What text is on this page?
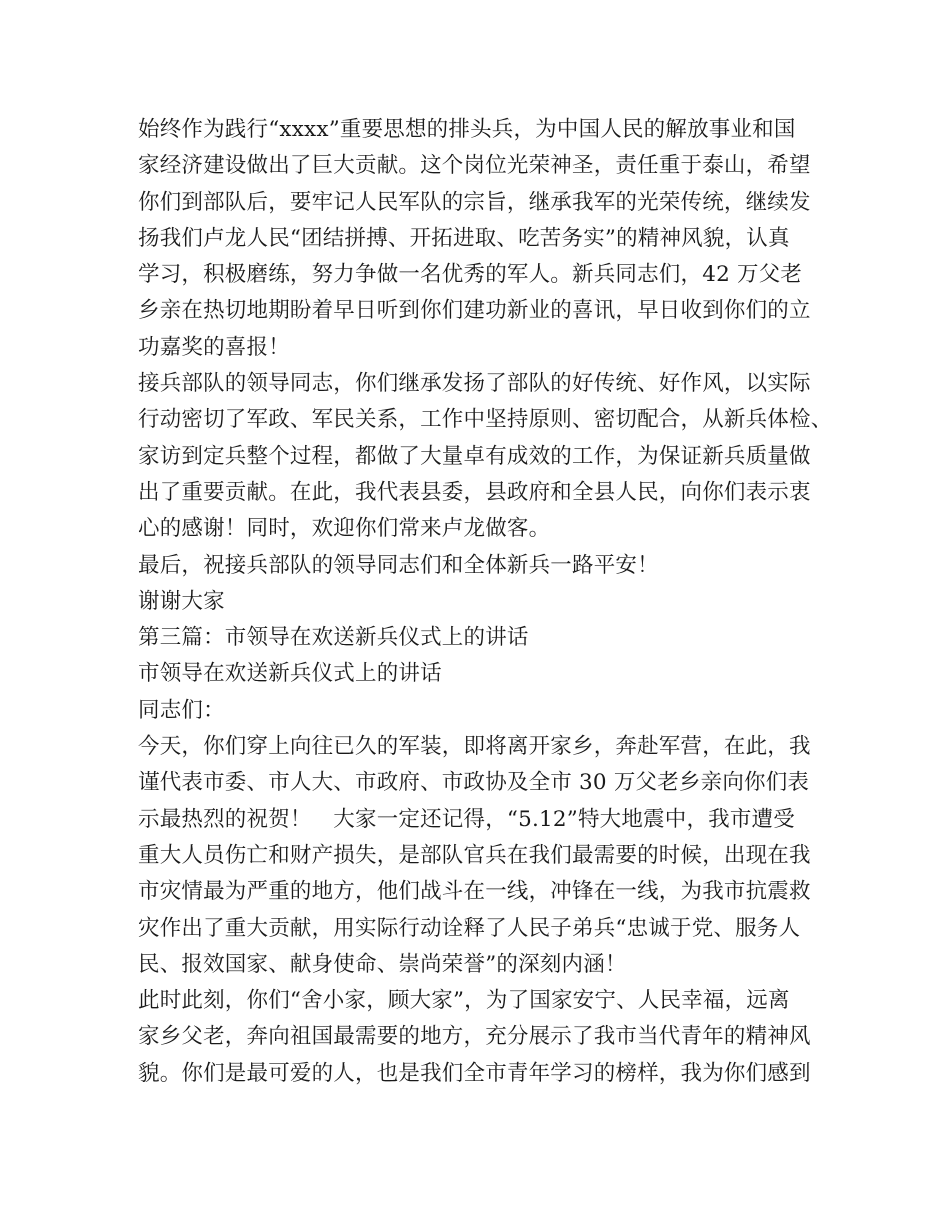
始终作为践行“xxxx”重要思想的排头兵，为中国人民的解放事业和国
家经济建设做出了巨大贡献。这个岗位光荣神圣，责任重于泰山，希望
你们到部队后，要牢记人民军队的宗旨，继承我军的光荣传统，继续发
扬我们卢龙人民“团结拼搏、开拓进取、吃苦务实”的精神风貌，认真
学习，积极磨练，努力争做一名优秀的军人。新兵同志们，42 万父老
乡亲在热切地期盼着早日听到你们建功新业的喜讯，早日收到你们的立
功嘉奖的喜报！
接兵部队的领导同志，你们继承发扬了部队的好传统、好作风，以实际
行动密切了军政、军民关系，工作中坚持原则、密切配合，从新兵体检、
家访到定兵整个过程，都做了大量卓有成效的工作，为保证新兵质量做
出了重要贡献。在此，我代表县委，县政府和全县人民，向你们表示衷
心的感谢！同时，欢迎你们常来卢龙做客。
最后，祝接兵部队的领导同志们和全体新兵一路平安！
谢谢大家
第三篇：市领导在欢送新兵仪式上的讲话
市领导在欢送新兵仪式上的讲话
同志们：
今天，你们穿上向往已久的军装，即将离开家乡，奔赴军营，在此，我
谨代表市委、市人大、市政府、市政协及全市 30 万父老乡亲向你们表
示最热烈的祝贺！　大家一定还记得，“5.12”特大地震中，我市遭受
重大人员伤亡和财产损失，是部队官兵在我们最需要的时候，出现在我
市灾情最为严重的地方，他们战斗在一线，冲锋在一线，为我市抗震救
灾作出了重大贡献，用实际行动诠释了人民子弟兵“忠诚于党、服务人
民、报效国家、献身使命、崇尚荣誉”的深刻内涵！
此时此刻，你们“舍小家，顾大家”，为了国家安宁、人民幸福，远离
家乡父老，奔向祖国最需要的地方，充分展示了我市当代青年的精神风
貌。你们是最可爱的人，也是我们全市青年学习的榜样，我为你们感到
